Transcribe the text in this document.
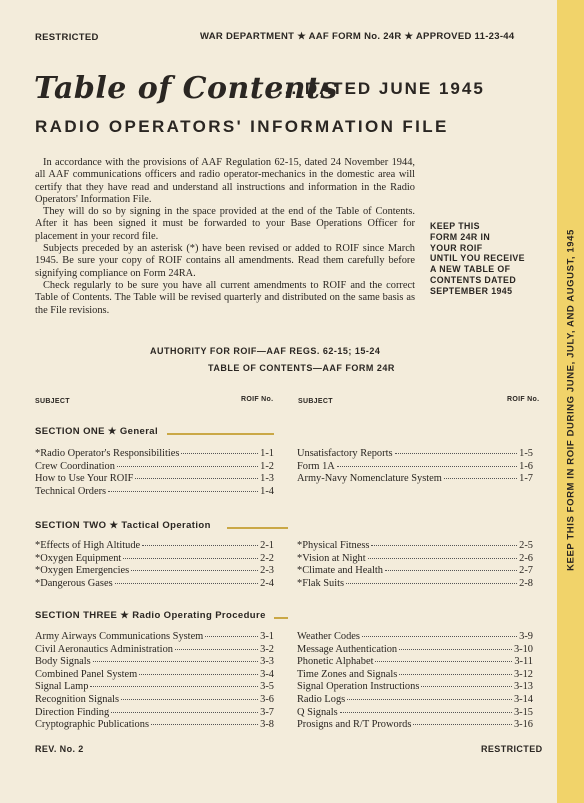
KEEP THIS FORM IN ROIF DURING JUNE, JULY, AND AUGUST, 1945
RESTRICTED	WAR DEPARTMENT ★ AAF FORM No. 24R ★ APPROVED 11-23-44
Table of Contents
... DATED JUNE 1945
RADIO OPERATORS' INFORMATION FILE

In accordance with the provisions of AAF Regulation 62-15, dated 24 November 1944, all AAF communications officers and radio operator-mechanics in the domestic area will certify that they have read and understand all instructions and information in the Radio Operators' Information File.

They will do so by signing in the space provided at the end of the Table of Contents. After it has been signed it must be forwarded to your Base Operations Officer for placement in your record file.

Subjects preceded by an asterisk (*) have been revised or added to ROIF since March 1945. Be sure your copy of ROIF contains all amendments. Read them carefully before signifying compliance on Form 24RA.

Check regularly to be sure you have all current amendments to ROIF and the correct Table of Contents. The Table will be revised quarterly and distributed on the same basis as the File revisions.

KEEP THIS
FORM 24R IN
YOUR ROIF
UNTIL YOU RECEIVE
A NEW TABLE OF
CONTENTS DATED
SEPTEMBER 1945
AUTHORITY FOR ROIF—AAF REGS. 62-15; 15-24
TABLE OF CONTENTS—AAF FORM 24R
SUBJECT	ROIF No.	SUBJECT	ROIF No.
SECTION ONE ★ General
*Radio Operator's Responsibilities	1-1
Crew Coordination	1-2
How to Use Your ROIF	1-3
Technical Orders	1-4
Unsatisfactory Reports	1-5
Form 1A	1-6
Army-Navy Nomenclature System	1-7
SECTION TWO ★ Tactical Operation
*Effects of High Altitude	2-1
*Oxygen Equipment	2-2
*Oxygen Emergencies	2-3
*Dangerous Gases	2-4
*Physical Fitness	2-5
*Vision at Night	2-6
*Climate and Health	2-7
*Flak Suits	2-8
SECTION THREE ★ Radio Operating Procedure
Army Airways Communications System	3-1
Civil Aeronautics Administration	3-2
Body Signals	3-3
Combined Panel System	3-4
Signal Lamp	3-5
Recognition Signals	3-6
Direction Finding	3-7
Cryptographic Publications	3-8
Weather Codes	3-9
Message Authentication	3-10
Phonetic Alphabet	3-11
Time Zones and Signals	3-12
Signal Operation Instructions	3-13
Radio Logs	3-14
Q Signals	3-15
Prosigns and R/T Prowords	3-16
REV. No. 2	RESTRICTED
